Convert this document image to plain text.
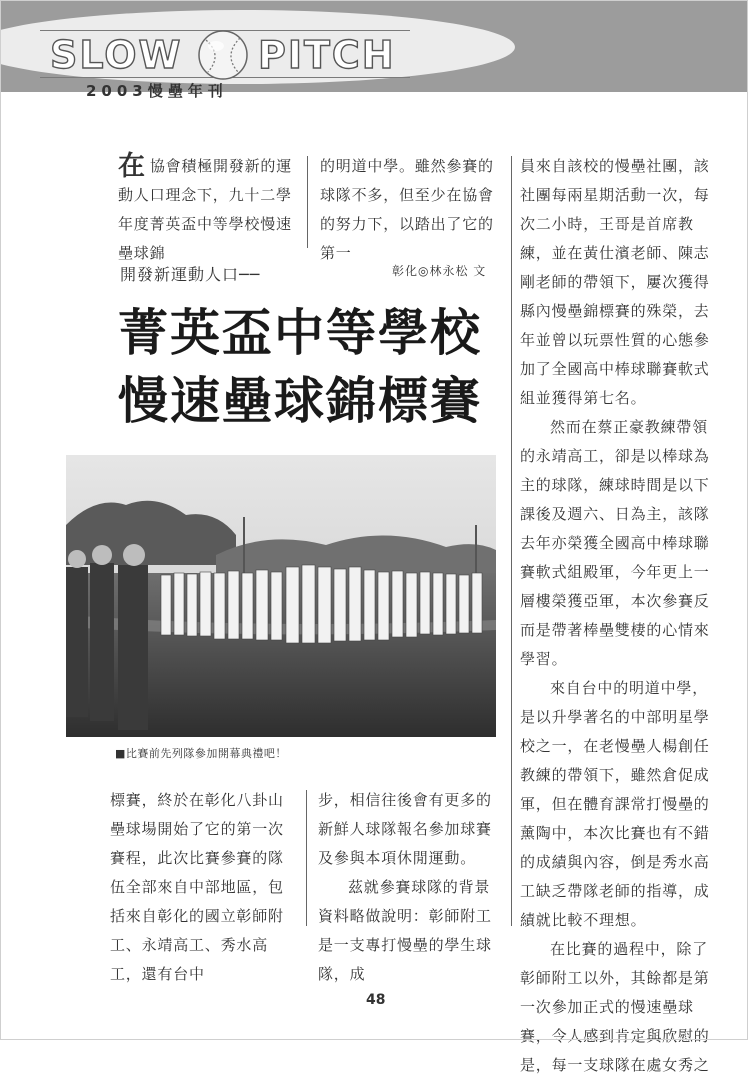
SLOW PITCH
2003慢壘年刊

在協會積極開發新的運動人口理念下，九十二學年度菁英盃中等學校慢速壘球錦

的明道中學。雖然參賽的球隊不多，但至少在協會的努力下，以踏出了它的第一

開發新運動人口──	彰化◎林永松 文
菁英盃中等學校
慢速壘球錦標賽
■比賽前先列隊參加開幕典禮吧！

標賽，終於在彰化八卦山壘球場開始了它的第一次賽程，此次比賽參賽的隊伍全部來自中部地區，包括來自彰化的國立彰師附工、永靖高工、秀水高工，還有台中

步，相信往後會有更多的新鮮人球隊報名參加球賽及參與本項休閒運動。

茲就參賽球隊的背景資料略做說明：彰師附工是一支專打慢壘的學生球隊，成

員來自該校的慢壘社團，該社團每兩星期活動一次，每次二小時，王哥是首席教練，並在黃仕濱老師、陳志剛老師的帶領下，屢次獲得縣內慢壘錦標賽的殊榮，去年並曾以玩票性質的心態參加了全國高中棒球聯賽軟式組並獲得第七名。

然而在蔡正豪教練帶領的永靖高工，卻是以棒球為主的球隊，練球時間是以下課後及週六、日為主，該隊去年亦榮獲全國高中棒球聯賽軟式組殿軍，今年更上一層樓榮獲亞軍，本次參賽反而是帶著棒壘雙棲的心情來學習。

來自台中的明道中學，是以升學著名的中部明星學校之一，在老慢壘人楊創任教練的帶領下，雖然倉促成軍，但在體育課常打慢壘的薰陶中，本次比賽也有不錯的成績與內容，倒是秀水高工缺乏帶隊老師的指導，成績就比較不理想。

在比賽的過程中，除了彰師附工以外，其餘都是第一次參加正式的慢速壘球賽，令人感到肯定與欣慰的是，每一支球隊在處女秀之

48
